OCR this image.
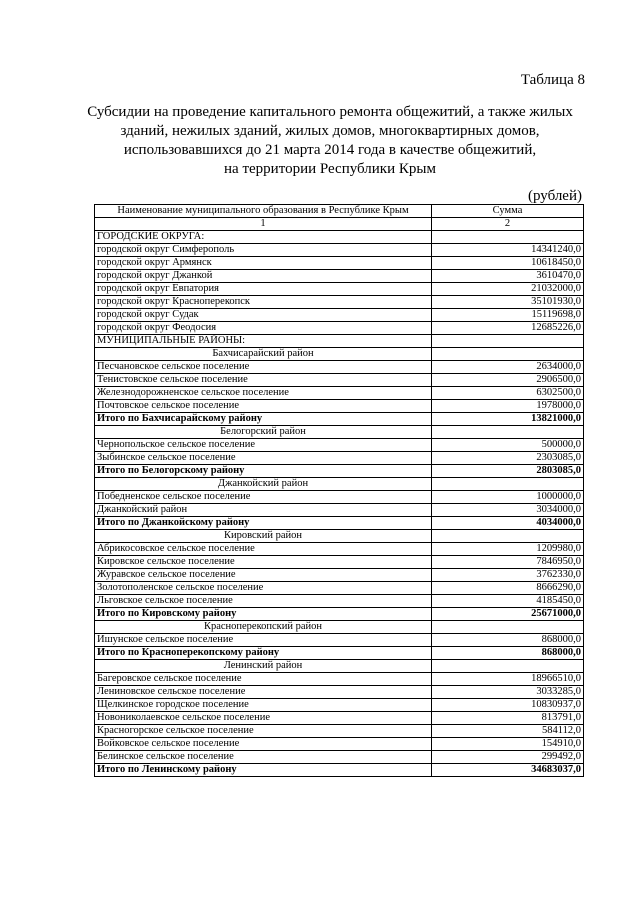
Таблица 8
Субсидии на проведение капитального ремонта общежитий, а также жилых
зданий, нежилых зданий, жилых домов, многоквартирных домов,
использовавшихся до 21 марта 2014 года в качестве общежитий,
на территории Республики Крым
(рублей)
Наименование муниципального образования в Республике Крым	Сумма
1	2
ГОРОДСКИЕ ОКРУГА:	
городской округ Симферополь	14341240,0
городской округ Армянск	10618450,0
городской округ Джанкой	3610470,0
городской округ Евпатория	21032000,0
городской округ Красноперекопск	35101930,0
городской округ Судак	15119698,0
городской округ Феодосия	12685226,0
МУНИЦИПАЛЬНЫЕ РАЙОНЫ:	
Бахчисарайский район	
Песчановское сельское поселение	2634000,0
Тенистовское сельское поселение	2906500,0
Железнодорожненское сельское поселение	6302500,0
Почтовское сельское поселение	1978000,0
Итого по Бахчисарайскому району	13821000,0
Белогорский район	
Чернопольское сельское поселение	500000,0
Зыбинское сельское поселение	2303085,0
Итого по Белогорскому району	2803085,0
Джанкойский район	
Победненское сельское поселение	1000000,0
Джанкойский район	3034000,0
Итого по Джанкойскому району	4034000,0
Кировский район	
Абрикосовское сельское поселение	1209980,0
Кировское сельское поселение	7846950,0
Журавское сельское поселение	3762330,0
Золотополенское сельское поселение	8666290,0
Льговское сельское поселение	4185450,0
Итого по Кировскому району	25671000,0
Красноперекопский район	
Ишунское сельское поселение	868000,0
Итого по Красноперекопскому району	868000,0
Ленинский район	
Багеровское сельское поселение	18966510,0
Лениновское сельское поселение	3033285,0
Щелкинское городское поселение	10830937,0
Новониколаевское сельское поселение	813791,0
Красногорское сельское поселение	584112,0
Войковское сельское поселение	154910,0
Белинское сельское поселение	299492,0
Итого по Ленинскому району	34683037,0
